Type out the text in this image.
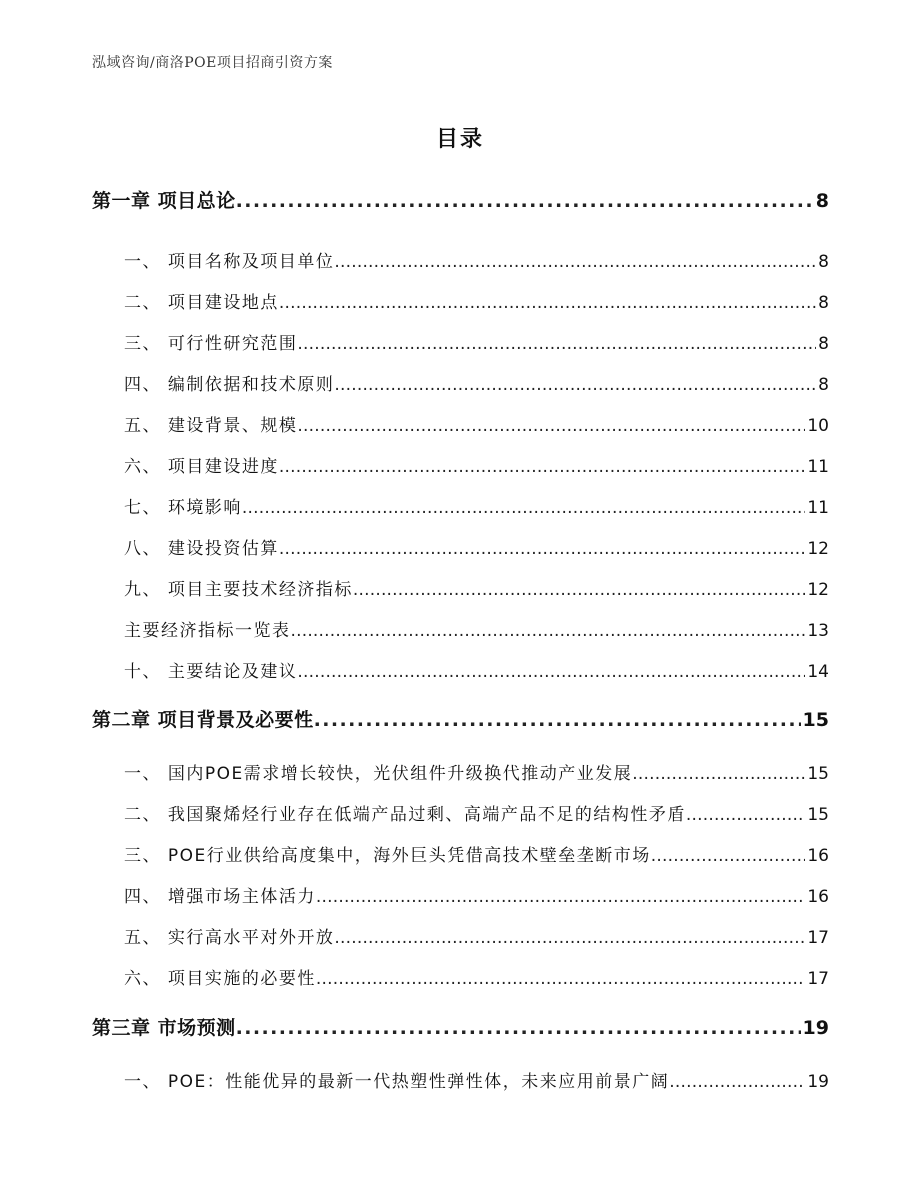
泓域咨询/商洛POE项目招商引资方案
目录
第一章 项目总论 . . .	8
一、 项目名称及项目单位 . . .	8
二、 项目建设地点 . . .	8
三、 可行性研究范围 . . .	8
四、 编制依据和技术原则 . . .	8
五、 建设背景、规模 . . .	10
六、 项目建设进度 . . .	11
七、 环境影响 . . .	11
八、 建设投资估算 . . .	12
九、 项目主要技术经济指标 . . .	12
主要经济指标一览表 . . .	13
十、 主要结论及建议 . . .	14
第二章 项目背景及必要性 . . .	15
一、 国内POE需求增长较快，光伏组件升级换代推动产业发展 . . .	15
二、 我国聚烯烃行业存在低端产品过剩、高端产品不足的结构性矛盾 . . .	15
三、 POE行业供给高度集中，海外巨头凭借高技术壁垒垄断市场 . . .	16
四、 增强市场主体活力 . . .	16
五、 实行高水平对外开放 . . .	17
六、 项目实施的必要性 . . .	17
第三章 市场预测 . . .	19
一、 POE：性能优异的最新一代热塑性弹性体，未来应用前景广阔 . . .	19
